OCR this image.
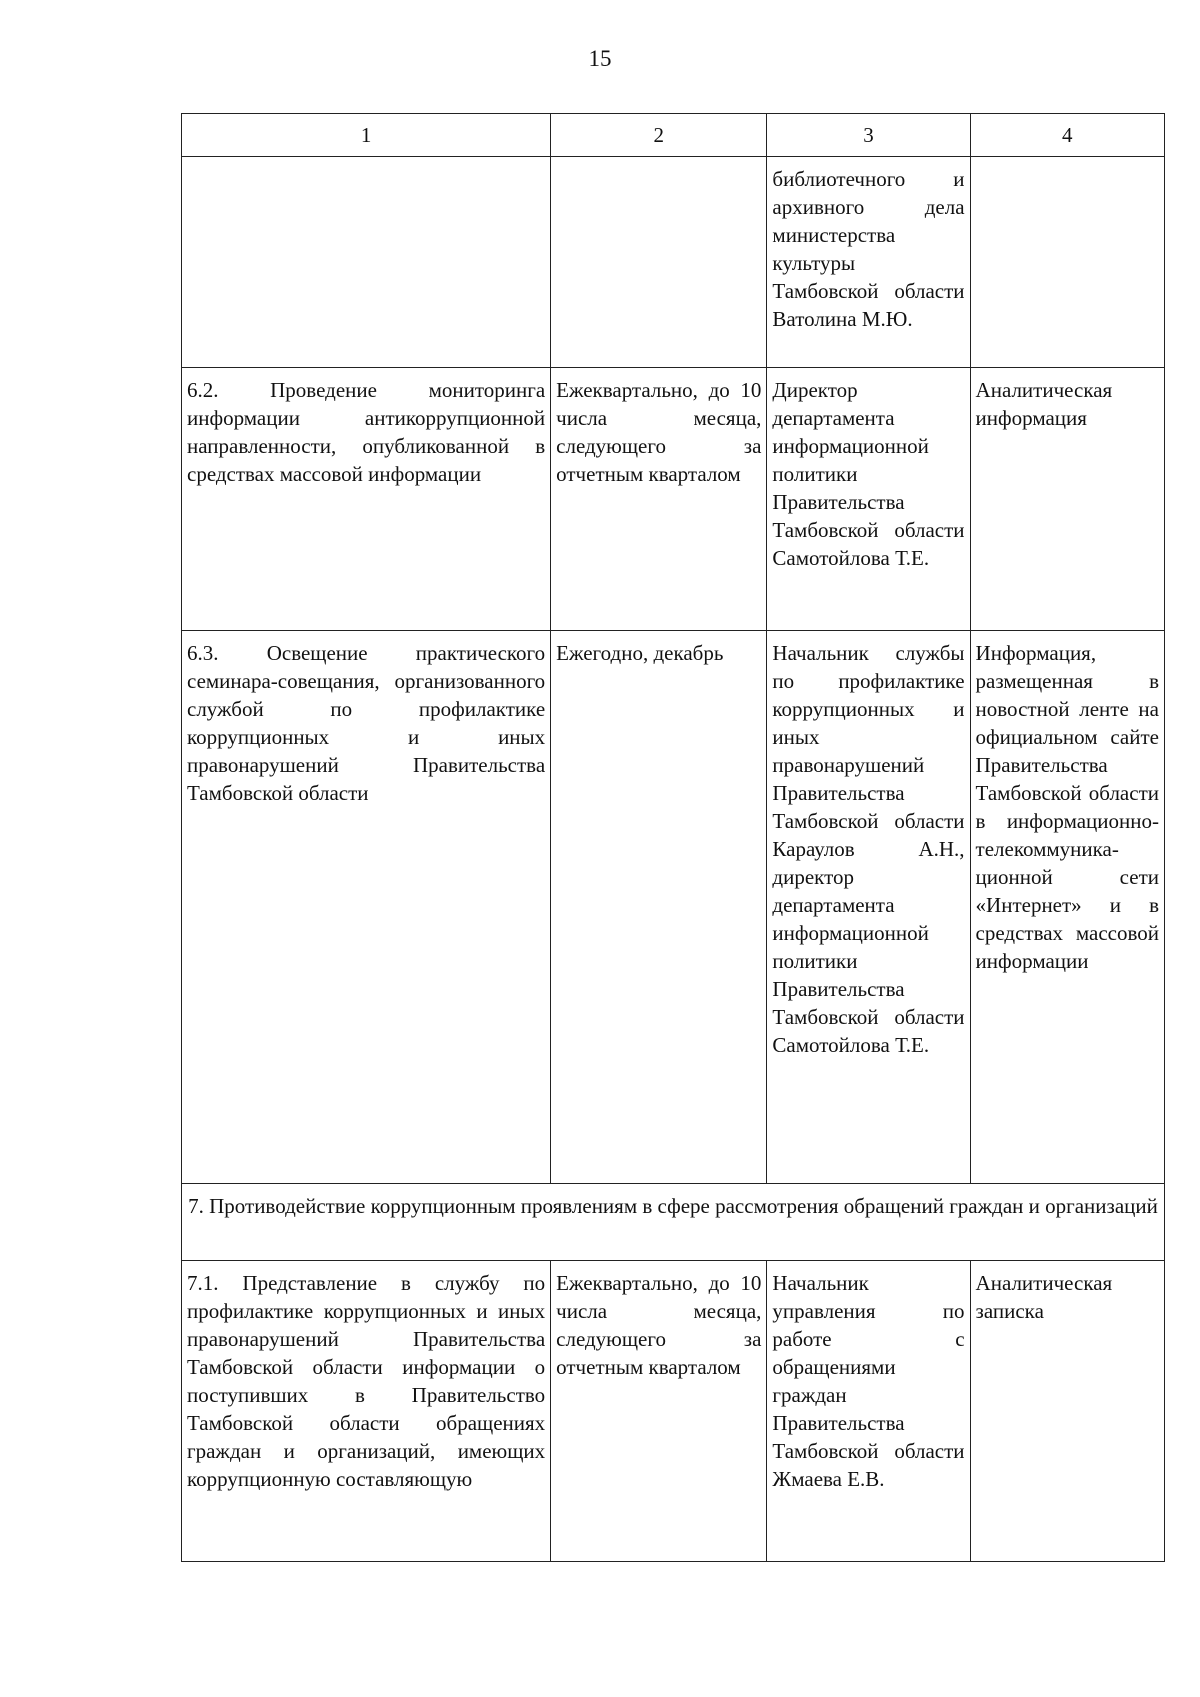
15
1	2	3	4
		библиотечного и архивного дела министерства культуры Тамбовской области Ватолина М.Ю.	
6.2. Проведение мониторинга информации антикоррупционной направленности, опубликованной в средствах массовой информации	Ежеквартально, до 10 числа месяца, следующего за отчетным кварталом	Директор департамента информационной политики Правительства Тамбовской области Самотойлова Т.Е.	Аналитическая информация
6.3. Освещение практического семинара-совещания, организованного службой по профилактике коррупционных и иных правонарушений Правительства Тамбовской области	Ежегодно, декабрь	Начальник службы по профилактике коррупционных и иных правонарушений Правительства Тамбовской области Караулов А.Н., директор департамента информационной политики Правительства Тамбовской области Самотойлова Т.Е.	Информация, размещенная в новостной ленте на официальном сайте Правительства Тамбовской области в информационно-телекоммуника-ционной сети «Интернет» и в средствах массовой информации
7. Противодействие коррупционным проявлениям в сфере рассмотрения обращений граждан и организаций			
7.1. Представление в службу по профилактике коррупционных и иных правонарушений Правительства Тамбовской области информации о поступивших в Правительство Тамбовской области обращениях граждан и организаций, имеющих коррупционную составляющую	Ежеквартально, до 10 числа месяца, следующего за отчетным кварталом	Начальник управления по работе с обращениями граждан Правительства Тамбовской области Жмаева Е.В.	Аналитическая записка
